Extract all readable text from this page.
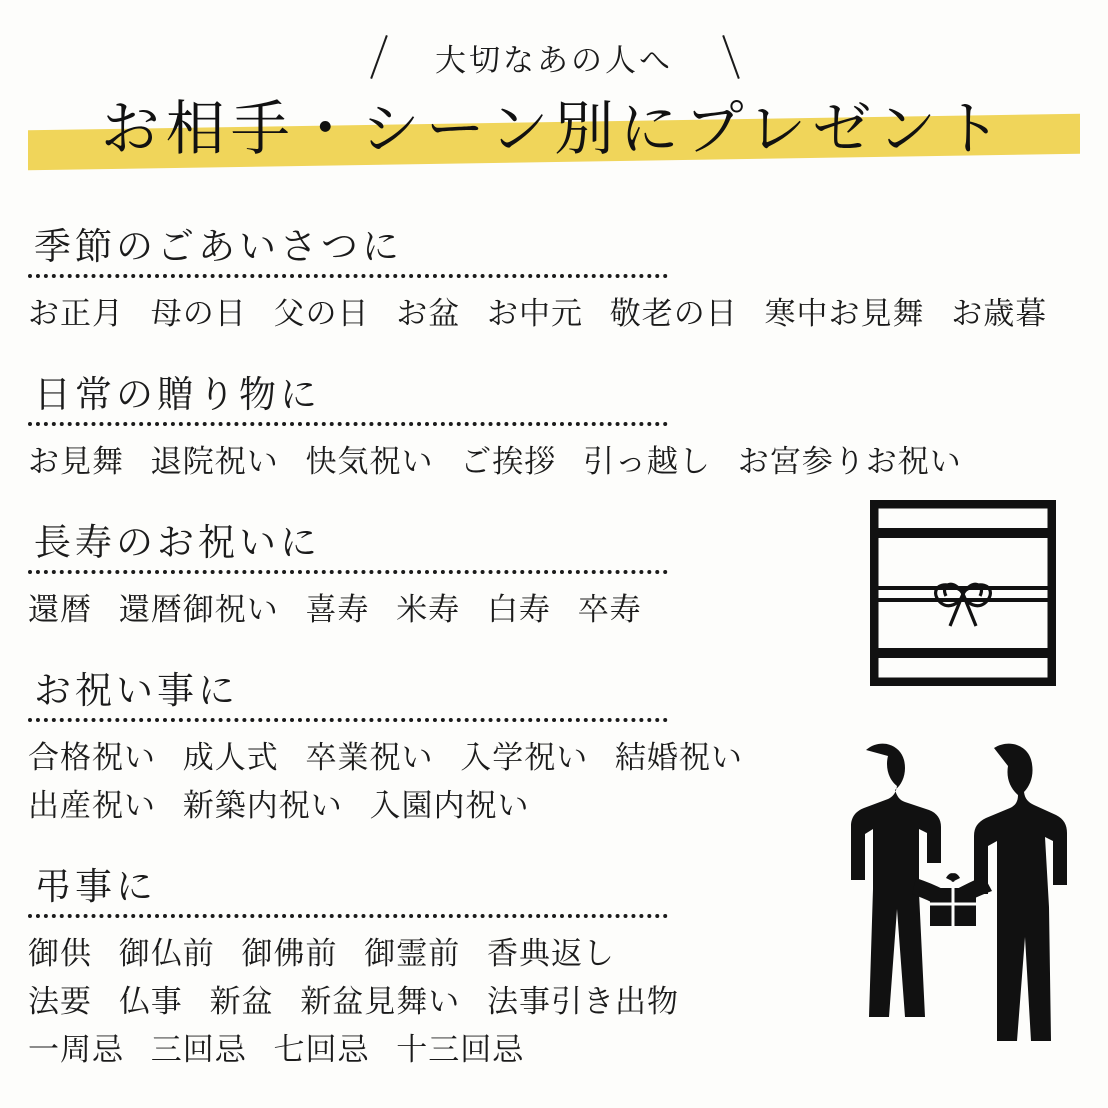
大切なあの人へ
お相手・シーン別にプレゼント
季節のごあいさつに
お正月 母の日 父の日 お盆 お中元 敬老の日 寒中お見舞 お歳暮
日常の贈り物に
お見舞 退院祝い 快気祝い ご挨拶 引っ越し お宮参りお祝い
長寿のお祝いに
還暦 還暦御祝い 喜寿 米寿 白寿 卒寿
お祝い事に
合格祝い 成人式 卒業祝い 入学祝い 結婚祝い
出産祝い 新築内祝い 入園内祝い
弔事に
御供 御仏前 御佛前 御霊前 香典返し
法要 仏事 新盆 新盆見舞い 法事引き出物
一周忌 三回忌 七回忌 十三回忌
